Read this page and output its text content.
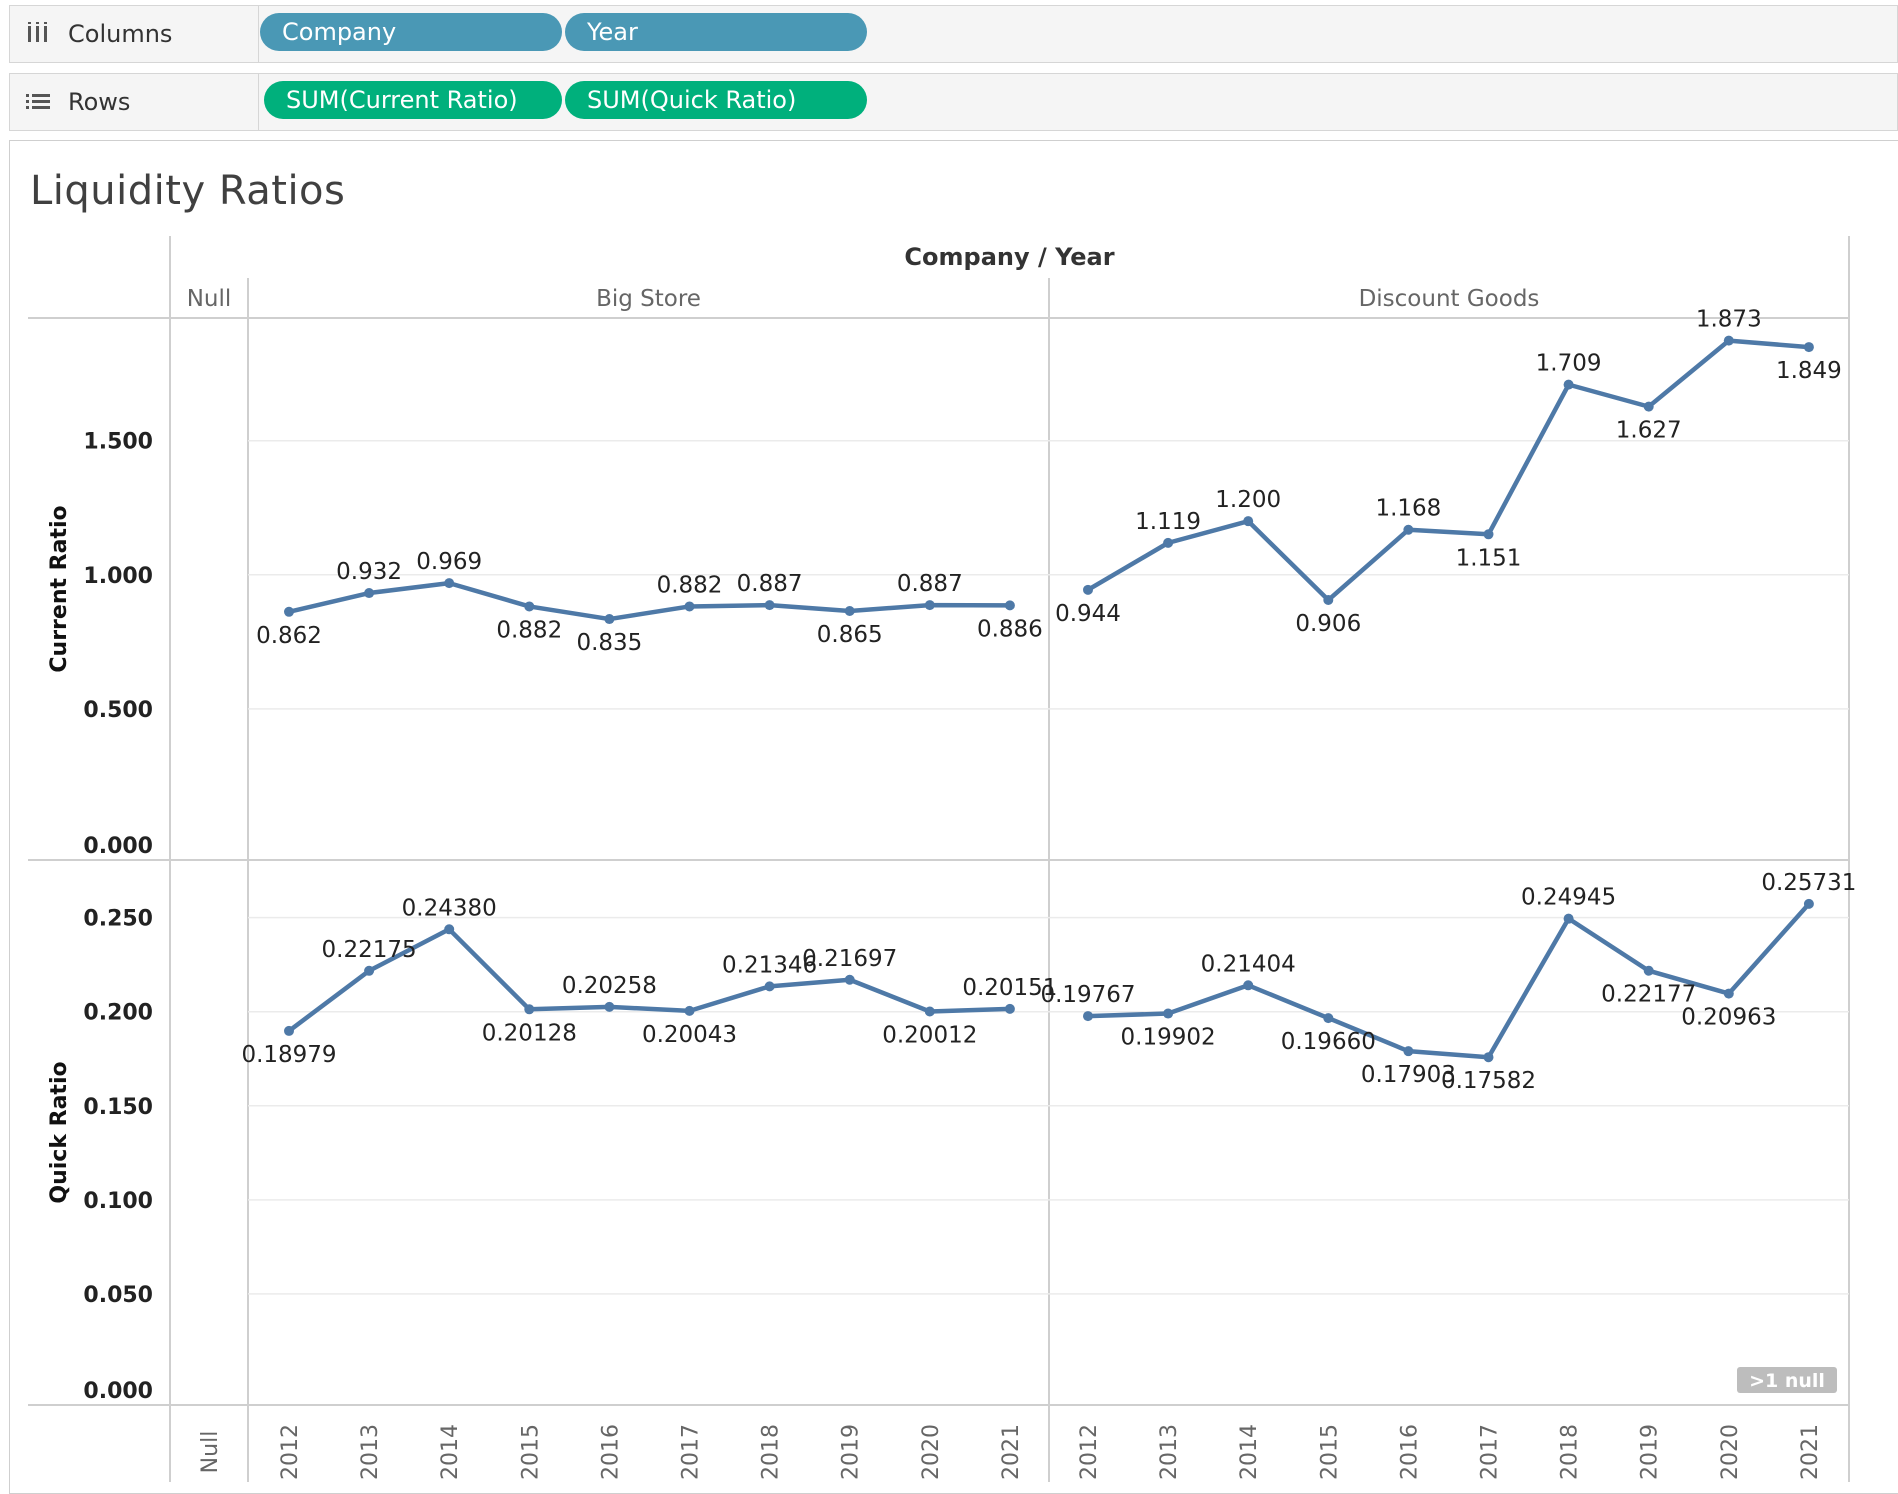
Columns	Company	Year
Rows	SUM(Current Ratio)	SUM(Quick Ratio)
Liquidity Ratios
Company / Year
Null	Big Store	Discount Goods
Current Ratio
0.000
0.500
1.000
1.500
Quick Ratio
0.000
0.050
0.100
0.150
0.200
0.250
Null	2012	2013	2014	2015	2016	2017	2018	2019	2020	2021 2012	2013	2014	2015	2016	2017	2018	2019	2020	2021
0.862
0.932 0.969
0.882 0.835
0.882 0.887
0.865
0.887
0.886
0.944
1.119
1.200
0.906
1.168
1.151
1.709
1.627
1.873
1.849
0.18979
0.22175
0.24380
0.20128
0.20258
0.20043
0.21346
0.21697
0.20012
0.20151
0.19767
0.19902
0.21404
0.19660
0.17903
0.17582
0.24945
0.22177
0.20963
0.25731
>1 null
